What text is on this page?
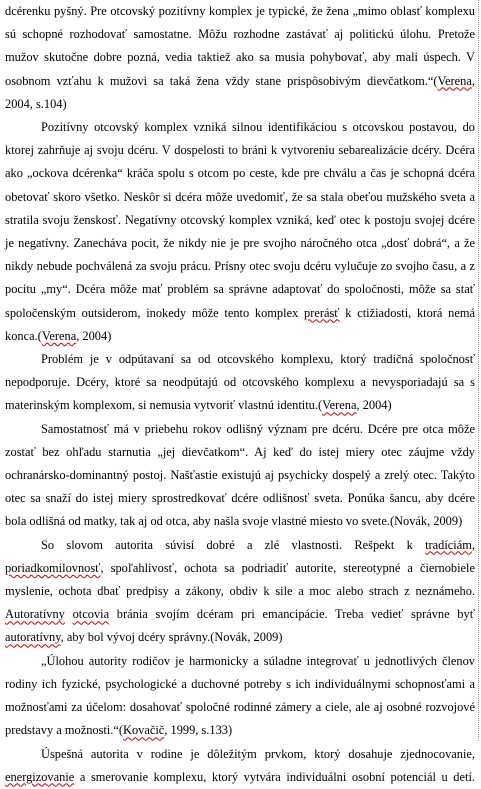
dcérenku pyšný. Pre otcovský pozitívny komplex je typické, že žena „mimo oblasť komplexu sú schopné rozhodovať samostatne. Môžu rozhodne zastávať aj politickú úlohu. Pretože mužov skutočne dobre pozná, vedia taktiež ako sa musia pohybovať, aby mali úspech. V osobnom vzťahu k mužovi sa taká žena vždy stane prispôsobivým dievčatkom.“(Verena, 2004, s.104)

Pozitívny otcovský komplex vzniká silnou identifikáciou s otcovskou postavou, do ktorej zahrňuje aj svoju dcéru. V dospelosti to bráni k vytvoreniu sebarealizácie dcéry. Dcéra ako „ockova dcérenka“ kráča spolu s otcom po ceste, kde pre chválu a čas je schopná dcéra obetovať skoro všetko. Neskôr si dcéra môže uvedomiť, že sa stala obeťou mužského sveta a stratila svoju ženskosť. Negatívny otcovský komplex vzniká, keď otec k postoju svojej dcére je negatívny. Zanecháva pocit, že nikdy nie je pre svojho náročného otca „dosť dobrá“, a že nikdy nebude pochválená za svoju prácu. Prísny otec svoju dcéru vylučuje zo svojho času, a z pocitu „my“. Dcéra môže mať problém sa správne adaptovať do spoločnosti, môže sa stať spoločenským outsiderom, inokedy môže tento komplex prerásť k ctižiadosti, ktorá nemá konca.(Verena, 2004)

Problém je v odpútavaní sa od otcovského komplexu, ktorý tradičná spoločnosť nepodporuje. Dcéry, ktoré sa neodpútajú od otcovského komplexu a nevysporiadajú sa s materinským komplexom, si nemusia vytvoriť vlastnú identitu.(Verena, 2004)

Samostatnosť má v priebehu rokov odlišný význam pre dcéru. Dcére pre otca môže zostať bez ohľadu starnutia „jej dievčatkom“. Aj keď do istej miery otec záujme vždy ochranársko-dominantný postoj. Našťastie existujú aj psychicky dospelý a zrelý otec. Takýto otec sa snaží do istej miery sprostredkovať dcére odlišnosť sveta. Ponúka šancu, aby dcére bola odlišná od matky, tak aj od otca, aby našla svoje vlastné miesto vo svete.(Novák, 2009)

So slovom autorita súvisí dobré a zlé vlastnosti. Rešpekt k tradíciám, poriadkomilovnosť, spoľahlivosť, ochota sa podriadiť autorite, stereotypné a čiernobiele myslenie, ochota dbať predpisy a zákony, obdiv k sile a moc alebo strach z neznámeho. Autoratívny otcovia bránia svojím dcéram pri emancipácie. Treba vedieť správne byť autoratívny, aby bol vývoj dcéry správny.(Novák, 2009)

„Úlohou autority rodičov je harmonicky a súladne integrovať u jednotlivých členov rodiny ich fyzické, psychologické a duchovné potreby s ich individuálnymi schopnosťami a možnosťami za účelom: dosahovať spoločné rodinné zámery a ciele, ale aj osobné rozvojové predstavy a možnosti.“(Kovačič, 1999, s.133)

Úspešná autorita v rodine je dôležitým prvkom, ktorý dosahuje zjednocovanie, energizovanie a smerovanie komplexu, ktorý vytvára individuálni osobní potenciál u detí.
